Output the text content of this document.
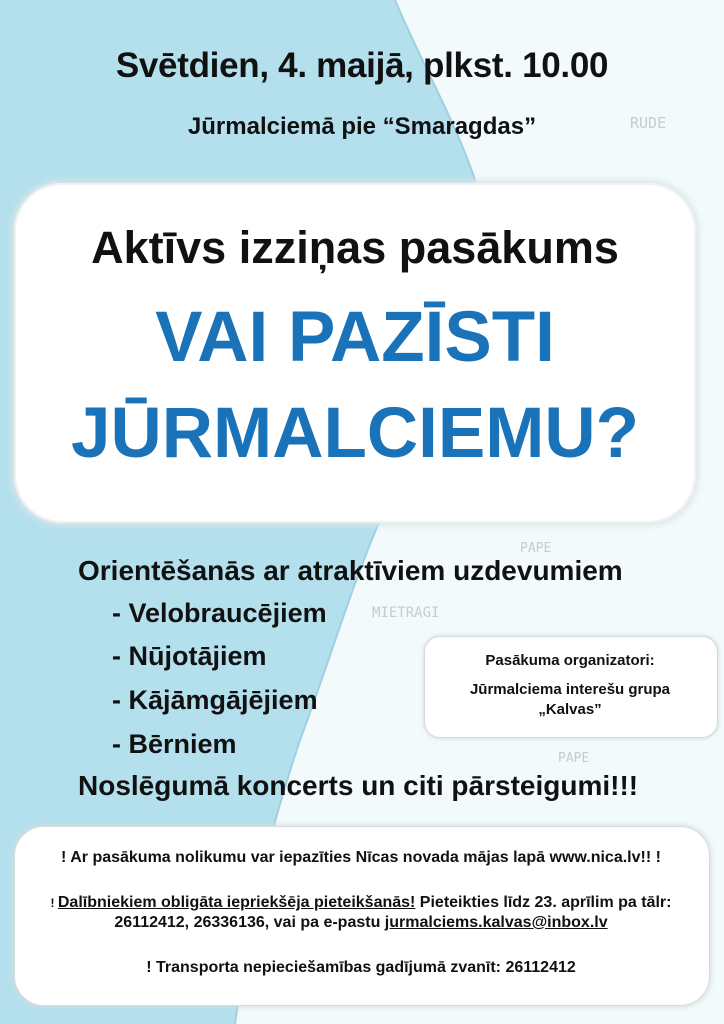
RUDE
PAPE
MIETRAGI
PAPE
Svētdien, 4. maijā, plkst. 10.00
Jūrmalciemā pie “Smaragdas”
Aktīvs izziņas pasākums
VAI PAZĪSTI
JŪRMALCIEMU?
Orientēšanās ar atraktīviem uzdevumiem
- Velobraucējiem
- Nūjotājiem
- Kājāmgājējiem
- Bērniem
Noslēgumā koncerts un citi pārsteigumi!!!
Pasākuma organizatori:
Jūrmalciema interešu grupa
„Kalvas”
! Ar pasākuma nolikumu var iepazīties Nīcas novada mājas lapā www.nica.lv!! !
! Dalībniekiem obligāta iepriekšēja pieteikšanās! Pieteikties līdz 23. aprīlim pa tālr:
26112412, 26336136, vai pa e-pastu jurmalciems.kalvas@inbox.lv
! Transporta nepieciešamības gadījumā zvanīt: 26112412
